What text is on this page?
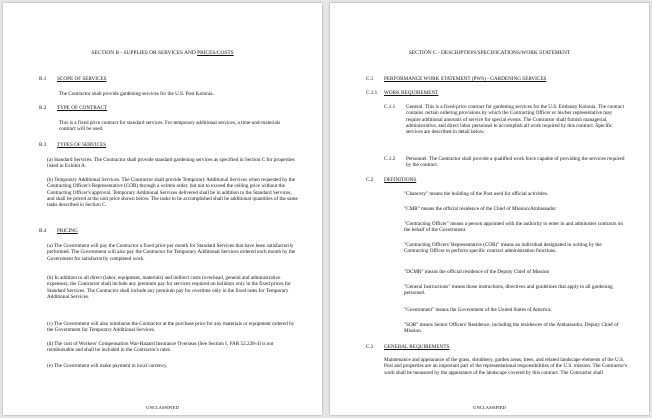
SECTION B - SUPPLIES OR SERVICES AND PRICES/COSTS
B.1 SCOPE OF SERVICES
The Contractor shall provide gardening services for the U.S. Post Kolonia.
B.2 TYPE OF CONTRACT
This is a fixed price contract for standard services. For temporary additional services, a time-and-materials contract will be used.
B.3 TYPES OF SERVICES
(a) Standard Services. The Contractor shall provide standard gardening services as specified in Section C for properties listed in Exhibit A.
(b) Temporary Additional Services. The Contractor shall provide Temporary Additional Services when requested by the Contracting Officer's Representative (COR) through a written order, but not to exceed the ceiling price without the Contracting Officer's approval. Temporary Additional Services delivered shall be in addition to the Standard Services, and shall be priced at the unit price shown below. The tasks to be accomplished shall be additional quantities of the same tasks described in Section C.
B.4 PRICING
(a) The Government will pay the Contractor a fixed price per month for Standard Services that have been satisfactorily performed. The Government will also pay the Contractor for Temporary Additional Services ordered each month by the Government for satisfactorily completed work.
(b) In addition to all direct (labor, equipment, materials) and indirect costs (overhead, general and administrative expenses), the Contractor shall include any premium pay for services required on holidays only in the fixed prices for Standard Services. The Contractor shall include any premium pay for overtime only in the fixed rates for Temporary Additional Services.
(c) The Government will also reimburse the Contractor at the purchase price for any materials or equipment ordered by the Government for Temporary Additional Services.
(d) The cost of Workers' Compensation War-Hazard Insurance Overseas (See Section I, FAR 52.228-4) is not reimbursable and shall be included in the Contractor's rates.
(e) The Government will make payment in local currency.
UNCLASSIFIED
SECTION C - DESCRIPTION/SPECIFICATIONS/WORK STATEMENT
C.1 PERFORMANCE WORK STATEMENT (PWS) - GARDENING SERVICES
C.1.1 WORK REQUIREMENT
C.1.1 General. This is a fixed-price contract for gardening services for the U.S. Embassy Kolonia. The contract contains certain ordering provisions by which the Contracting Officer or his/her representative may require additional amounts of service for special events. The Contractor shall furnish managerial, administrative, and direct labor personnel to accomplish all work required by this contract. Specific services are described in detail below.
C.1.2 Personnel. The Contractor shall provide a qualified work force capable of providing the services required by the contract.
C.2 DEFINITIONS
"Chancery" means the building of the Post used for official activities.
"CMR" means the official residence of the Chief of Mission/Ambassador
"Contracting Officer" means a person appointed with the authority to enter in and administer contracts on the behalf of the Government.
"Contracting Officers' Representative (COR)" means an individual designated in writing by the Contracting Officer to perform specific contract administration functions.
"DCMR" means the official residence of the Deputy Chief of Mission
"General Instructions" means those instructions, directives and guidelines that apply to all gardening personnel.
"Government" means the Government of the United States of America.
"SOR" means Senior Officers' Residence, including the residences of the Ambassador, Deputy Chief of Mission.
C.3 GENERAL REQUIREMENTS
Maintenance and appearance of the grass, shrubbery, garden areas, trees, and related landscape elements of the U.S. Post and properties are an important part of the representational responsibilities of the U.S. mission. The Contractor's work shall be measured by the appearance of the landscape covered by this contract. The Contractor shall
UNCLASSIFIED
